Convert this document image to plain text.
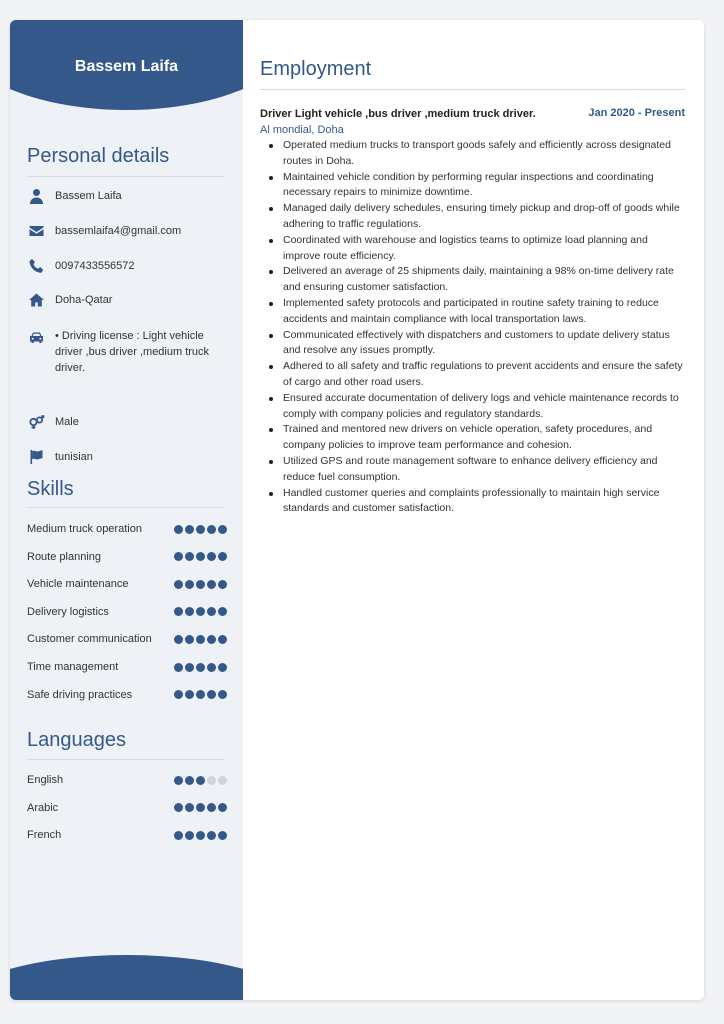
Bassem Laifa
Personal details
Bassem Laifa
bassemlaifa4@gmail.com
0097433556572
Doha-Qatar
• Driving license : Light vehicle driver ,bus driver ,medium truck driver.
Male
tunisian
Skills
Medium truck operation
Route planning
Vehicle maintenance
Delivery logistics
Customer communication
Time management
Safe driving practices
Languages
English
Arabic
French
Employment
Driver Light vehicle ,bus driver ,medium truck driver.	Jan 2020 - Present
Al mondial, Doha
Operated medium trucks to transport goods safely and efficiently across designated routes in Doha.
Maintained vehicle condition by performing regular inspections and coordinating necessary repairs to minimize downtime.
Managed daily delivery schedules, ensuring timely pickup and drop-off of goods while adhering to traffic regulations.
Coordinated with warehouse and logistics teams to optimize load planning and improve route efficiency.
Delivered an average of 25 shipments daily, maintaining a 98% on-time delivery rate and ensuring customer satisfaction.
Implemented safety protocols and participated in routine safety training to reduce accidents and maintain compliance with local transportation laws.
Communicated effectively with dispatchers and customers to update delivery status and resolve any issues promptly.
Adhered to all safety and traffic regulations to prevent accidents and ensure the safety of cargo and other road users.
Ensured accurate documentation of delivery logs and vehicle maintenance records to comply with company policies and regulatory standards.
Trained and mentored new drivers on vehicle operation, safety procedures, and company policies to improve team performance and cohesion.
Utilized GPS and route management software to enhance delivery efficiency and reduce fuel consumption.
Handled customer queries and complaints professionally to maintain high service standards and customer satisfaction.
